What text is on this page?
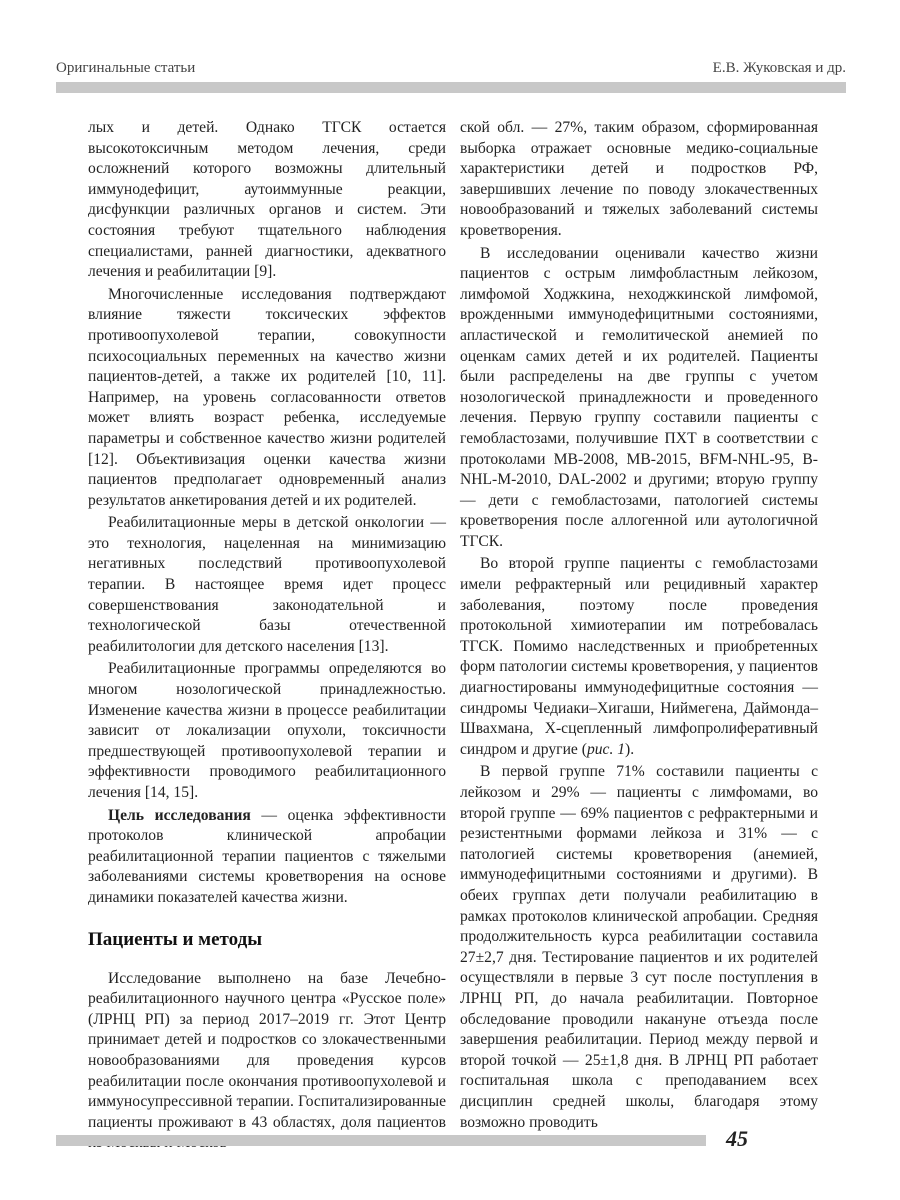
Оригинальные статьи	Е.В. Жуковская и др.

лых и детей. Однако ТГСК остается высокотоксичным методом лечения, среди осложнений которого возможны длительный иммунодефицит, аутоиммунные реакции, дисфункции различных органов и систем. Эти состояния требуют тщательного наблюдения специалистами, ранней диагностики, адекватного лечения и реабилитации [9].

Многочисленные исследования подтверждают влияние тяжести токсических эффектов противоопухолевой терапии, совокупности психосоциальных переменных на качество жизни пациентов-детей, а также их родителей [10, 11]. Например, на уровень согласованности ответов может влиять возраст ребенка, исследуемые параметры и собственное качество жизни родителей [12]. Объективизация оценки качества жизни пациентов предполагает одновременный анализ результатов анкетирования детей и их родителей.

Реабилитационные меры в детской онкологии — это технология, нацеленная на минимизацию негативных последствий противоопухолевой терапии. В настоящее время идет процесс совершенствования законодательной и технологической базы отечественной реабилитологии для детского населения [13].

Реабилитационные программы определяются во многом нозологической принадлежностью. Изменение качества жизни в процессе реабилитации зависит от локализации опухоли, токсичности предшествующей противоопухолевой терапии и эффективности проводимого реабилитационного лечения [14, 15].

Цель исследования — оценка эффективности протоколов клинической апробации реабилитационной терапии пациентов с тяжелыми заболеваниями системы кроветворения на основе динамики показателей качества жизни.

Пациенты и методы

Исследование выполнено на базе Лечебно-реабилитационного научного центра «Русское поле» (ЛРНЦ РП) за период 2017–2019 гг. Этот Центр принимает детей и подростков со злокачественными новообразованиями для проведения курсов реабилитации после окончания противоопухолевой и иммуносупрессивной терапии. Госпитализированные пациенты проживают в 43 областях, доля пациентов

ской обл. — 27%, таким образом, сформированная выборка отражает основные медико-социальные характеристики детей и подростков РФ, завершивших лечение по поводу злокачественных новообразований и тяжелых заболеваний системы кроветворения.

В исследовании оценивали качество жизни пациентов с острым лимфобластным лейкозом, лимфомой Ходжкина, неходжкинской лимфомой, врожденными иммунодефицитными состояниями, апластической и гемолитической анемией по оценкам самих детей и их родителей. Пациенты были распределены на две группы с учетом нозологической принадлежности и проведенного лечения. Первую группу составили пациенты с гемобластозами, получившие ПХТ в соответствии с протоколами МВ-2008, МВ-2015, BFM-NHL-95, B-NHL-M-2010, DAL-2002 и другими; вторую группу — дети с гемобластозами, патологией системы кроветворения после аллогенной или аутологичной ТГСК.

Во второй группе пациенты с гемобластозами имели рефрактерный или рецидивный характер заболевания, поэтому после проведения протокольной химиотерапии им потребовалась ТГСК. Помимо наследственных и приобретенных форм патологии системы кроветворения, у пациентов диагностированы иммунодефицитные состояния — синдромы Чедиаки–Хигаши, Ниймегена, Даймонда–Швахмана, X-сцепленный лимфопролиферативный синдром и другие (рис. 1).

В первой группе 71% составили пациенты с лейкозом и 29% — пациенты с лимфомами, во второй группе — 69% пациентов с рефрактерными и резистентными формами лейкоза и 31% — с патологией системы кроветворения (анемией, иммунодефицитными состояниями и другими). В обеих группах дети получали реабилитацию в рамках протоколов клинической апробации. Средняя продолжительность курса реабилитации составила 27±2,7 дня. Тестирование пациентов и их родителей осуществляли в первые 3 сут после поступления в ЛРНЦ РП, до начала реабилитации. Повторное обследование проводили накануне отъезда после завершения реабилитации. Период между первой и второй точкой — 25±1,8 дня. В ЛРНЦ РП работает госпитальная школа с преподаванием всех дисциплин средней школы, благодаря этому возможно проводить

45
